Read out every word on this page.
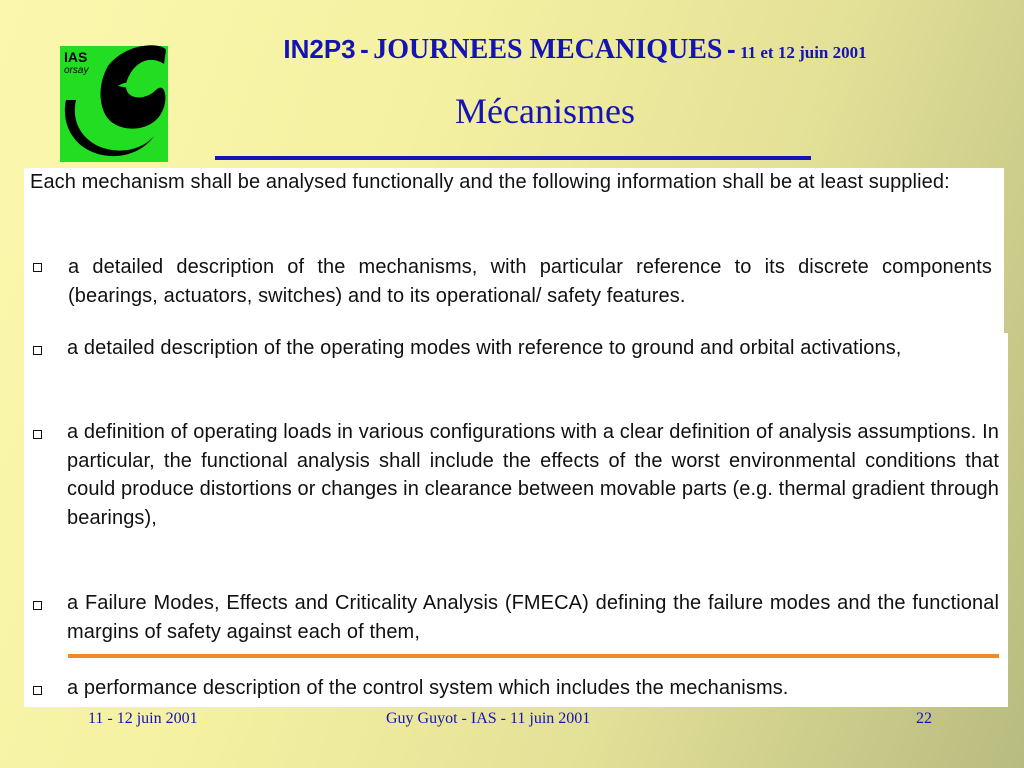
IAS
orsay
IN2P3 - JOURNEES MECANIQUES - 11 et 12 juin 2001
Mécanismes
Each mechanism shall be analysed functionally and the following information shall be at least supplied:
a detailed description of the mechanisms, with particular reference to its discrete components (bearings, actuators, switches) and to its operational/ safety features.
a detailed description of the operating modes with reference to ground and orbital activations,
a definition of operating loads in various configurations with a clear definition of analysis assumptions. In particular, the functional analysis shall include the effects of the worst environmental conditions that could produce distortions or changes in clearance between movable parts (e.g. thermal gradient through bearings),
a Failure Modes, Effects and Criticality Analysis (FMECA) defining the failure modes and the functional margins of safety against each of them,
a performance description of the control system which includes the mechanisms.
11 - 12 juin 2001	Guy Guyot - IAS - 11 juin 2001	22
